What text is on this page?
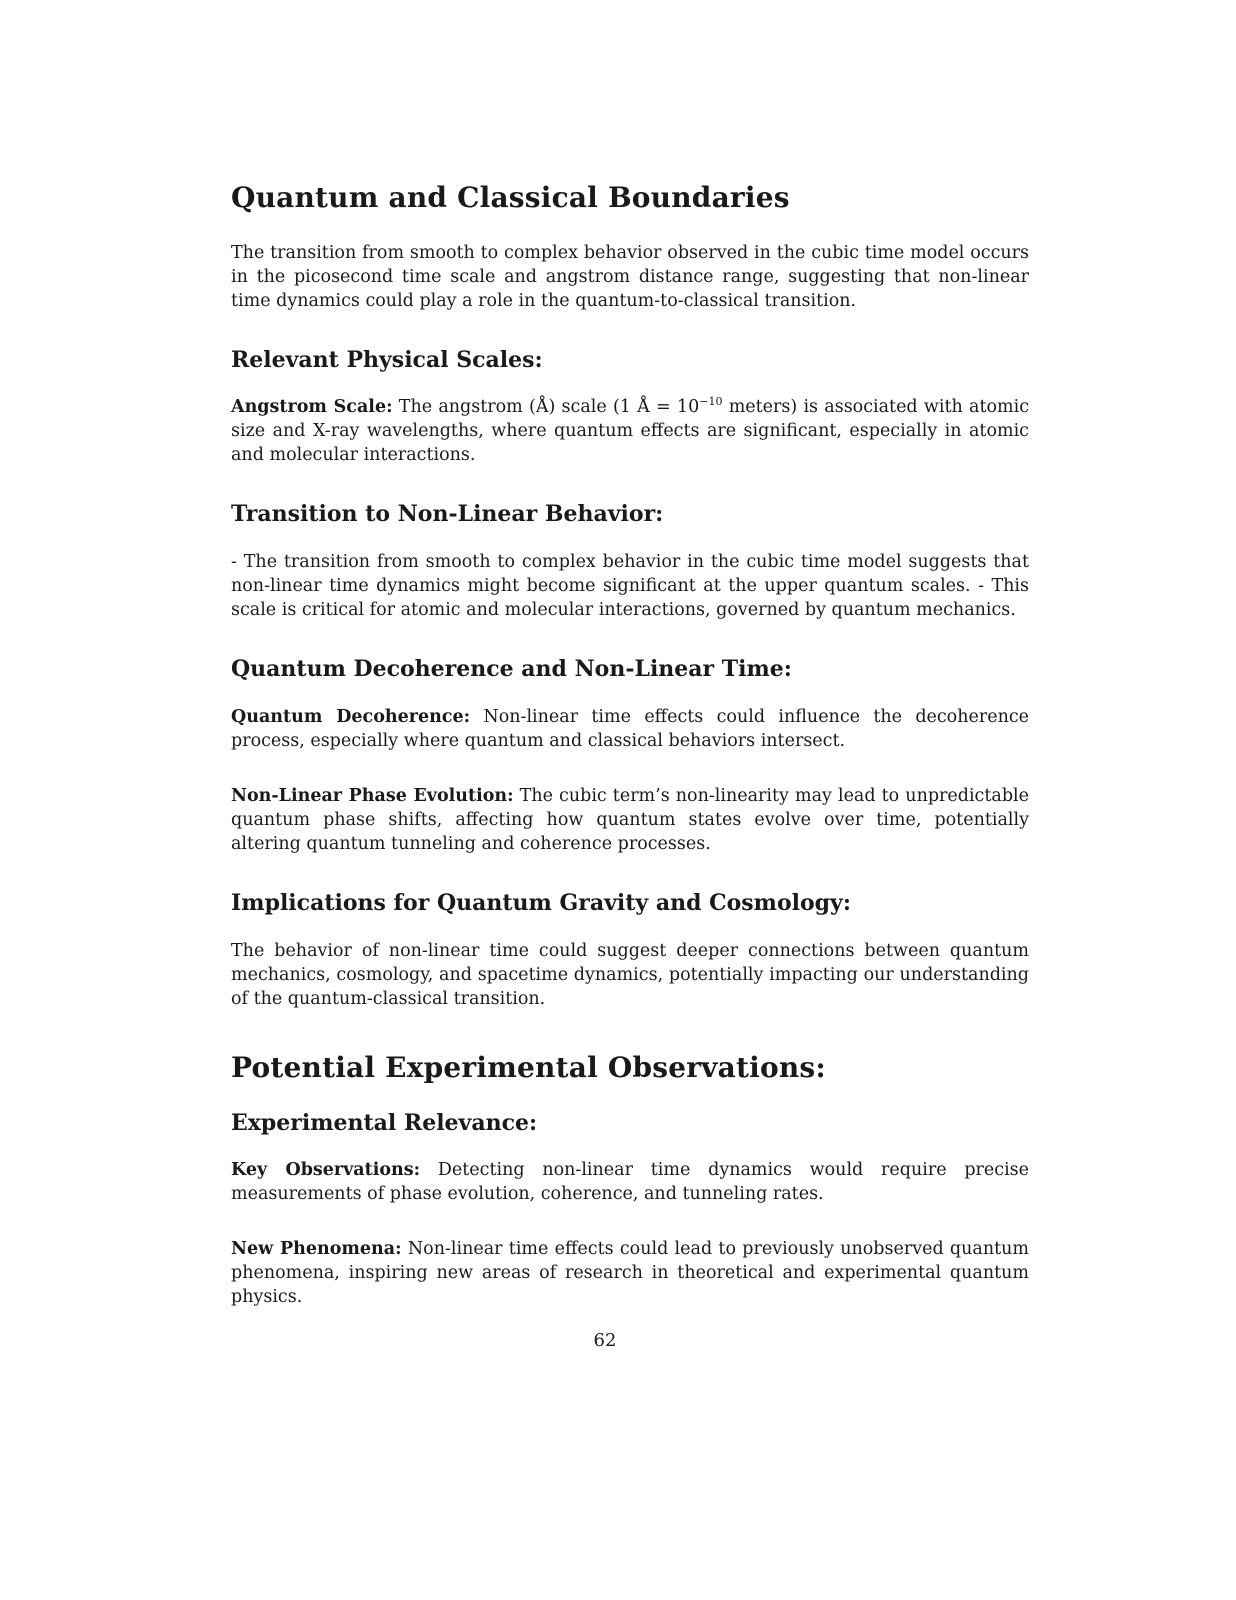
Quantum and Classical Boundaries

The transition from smooth to complex behavior observed in the cubic time model occurs in the picosecond time scale and angstrom distance range, suggesting that non-linear time dynamics could play a role in the quantum-to-classical transition.

Relevant Physical Scales:

Angstrom Scale: The angstrom (Å) scale (1 Å = $10^{-10}$ meters) is associated with atomic size and X-ray wavelengths, where quantum effects are significant, especially in atomic and molecular interactions.

Transition to Non-Linear Behavior:

- The transition from smooth to complex behavior in the cubic time model suggests that non-linear time dynamics might become significant at the upper quantum scales. - This scale is critical for atomic and molecular interactions, governed by quantum mechanics.

Quantum Decoherence and Non-Linear Time:

Quantum Decoherence: Non-linear time effects could influence the decoherence process, especially where quantum and classical behaviors intersect.

Non-Linear Phase Evolution: The cubic term’s non-linearity may lead to unpredictable quantum phase shifts, affecting how quantum states evolve over time, potentially altering quantum tunneling and coherence processes.

Implications for Quantum Gravity and Cosmology:

The behavior of non-linear time could suggest deeper connections between quantum mechanics, cosmology, and spacetime dynamics, potentially impacting our understanding of the quantum-classical transition.

Potential Experimental Observations:
Experimental Relevance:

Key Observations: Detecting non-linear time dynamics would require precise measurements of phase evolution, coherence, and tunneling rates.

New Phenomena: Non-linear time effects could lead to previously unobserved quantum phenomena, inspiring new areas of research in theoretical and experimental quantum physics.

62
